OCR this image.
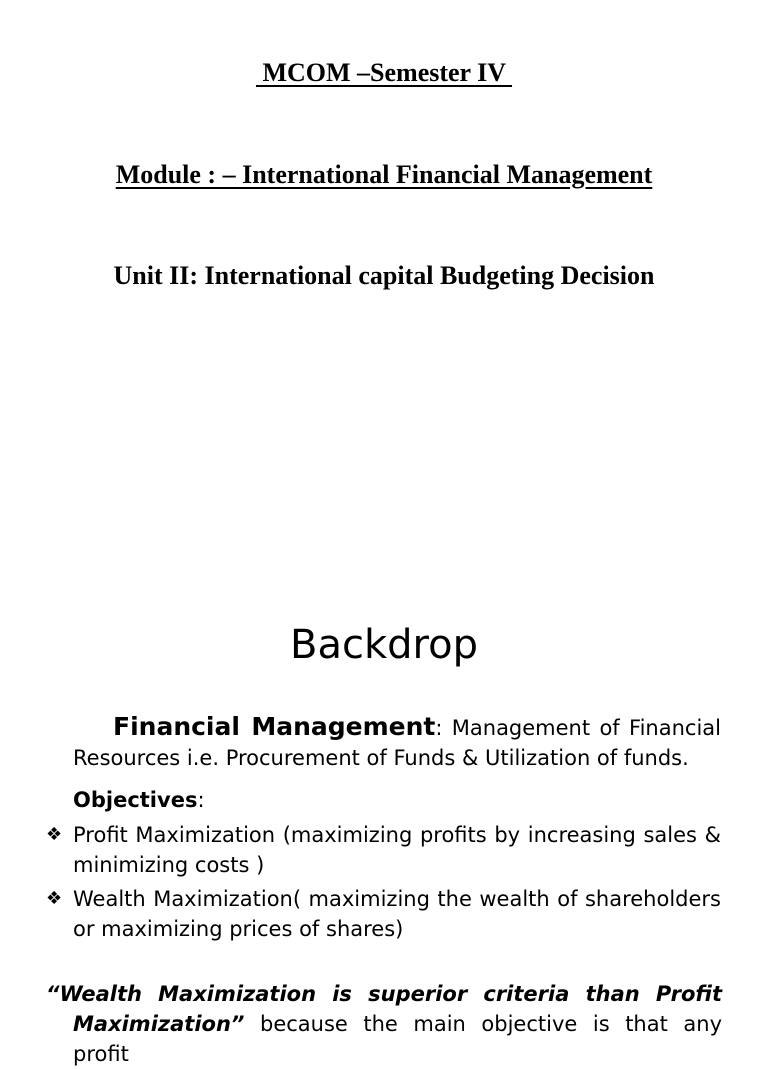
MCOM –Semester IV
Module : – International Financial Management
Unit II: International capital Budgeting Decision
Backdrop
Financial Management: Management of Financial Resources i.e. Procurement of Funds & Utilization of funds.
Objectives:
❖ Profit Maximization (maximizing profits by increasing sales & minimizing costs )
❖ Wealth Maximization( maximizing the wealth of shareholders or maximizing prices of shares)
“Wealth Maximization is superior criteria than Profit Maximization” because the main objective is that any profit
